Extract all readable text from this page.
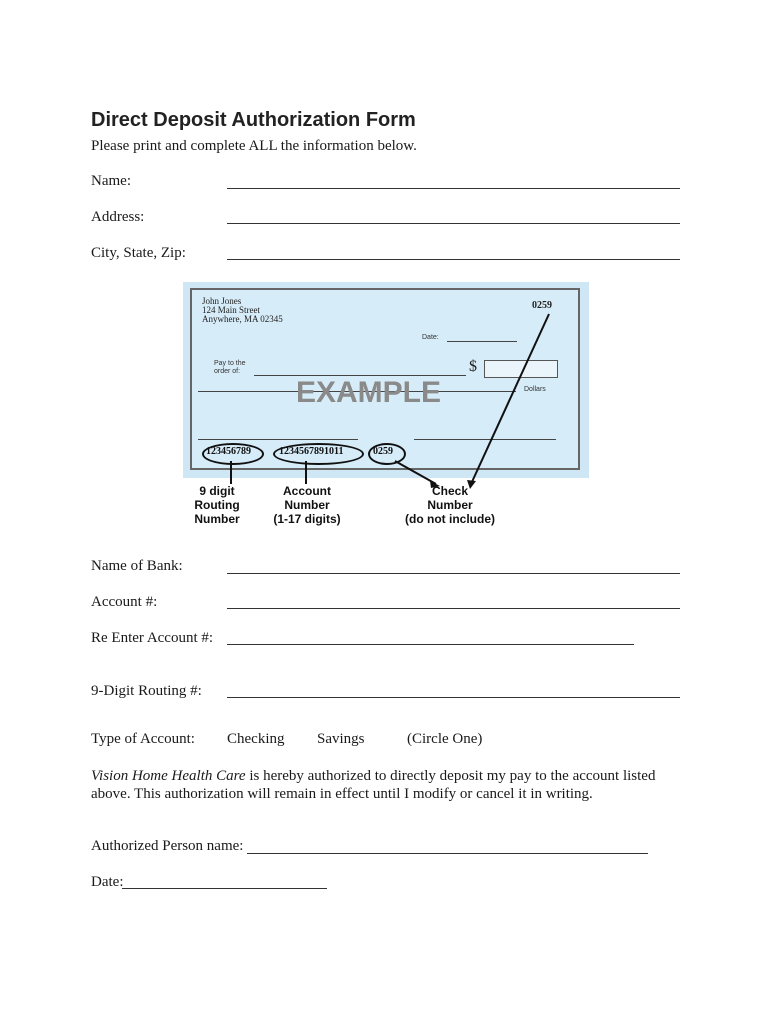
Direct Deposit Authorization Form
Please print and complete ALL the information below.
Name:
Address:
City, State, Zip:
John Jones
124 Main Street
Anywhere, MA 02345
0259
Date:
Pay to the
order of:	$
Dollars
EXAMPLE
123456789	1234567891011	0259
9 digit
Routing
Number
Account
Number
(1-17 digits)
Check
Number
(do not include)
Name of Bank:
Account #:
Re Enter Account #:
9-Digit Routing #:
Type of Account: Checking Savings	(Circle One)
Vision Home Health Care is hereby authorized to directly deposit my pay to the account listed above. This authorization will remain in effect until I modify or cancel it in writing.
Authorized Person name:
Date:
